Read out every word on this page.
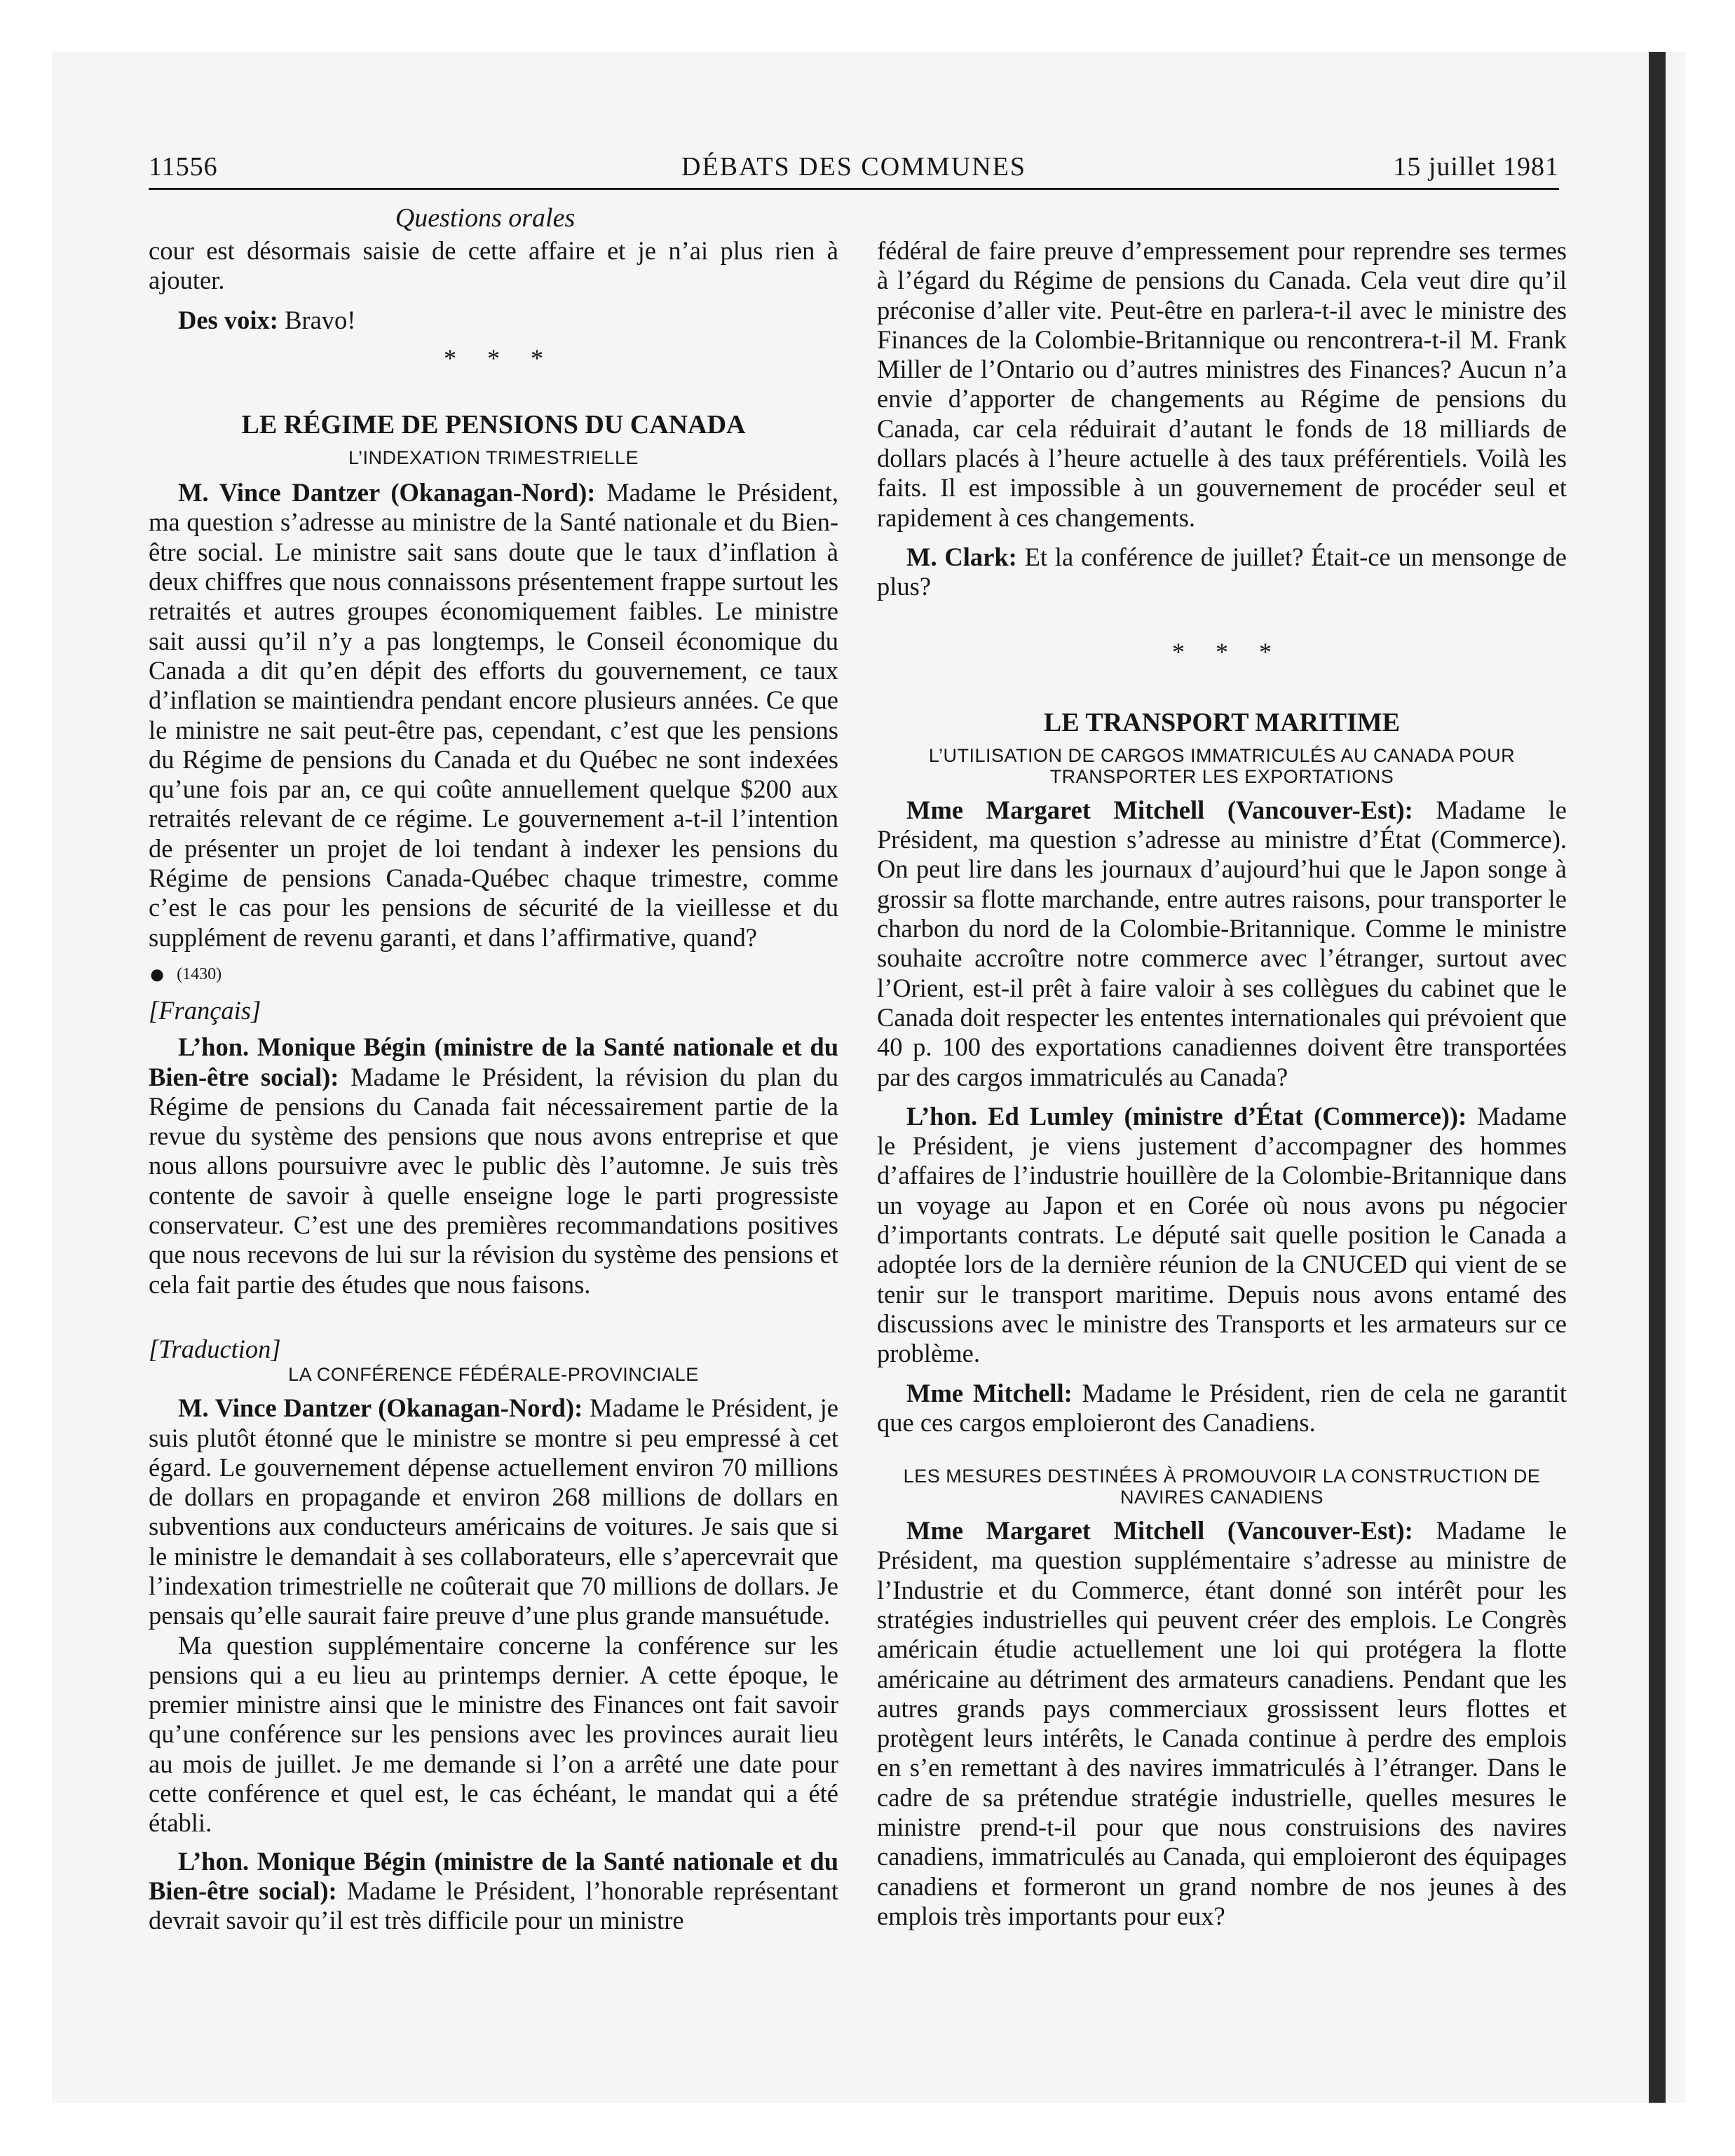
11556	DÉBATS DES COMMUNES	15 juillet 1981
Questions orales

cour est désormais saisie de cette affaire et je n’ai plus rien à ajouter.

Des voix: Bravo!

***

LE RÉGIME DE PENSIONS DU CANADA

L’INDEXATION TRIMESTRIELLE

M. Vince Dantzer (Okanagan-Nord): Madame le Président, ma question s’adresse au ministre de la Santé nationale et du Bien-être social. Le ministre sait sans doute que le taux d’inflation à deux chiffres que nous connaissons présentement frappe surtout les retraités et autres groupes économiquement faibles. Le ministre sait aussi qu’il n’y a pas longtemps, le Conseil économique du Canada a dit qu’en dépit des efforts du gouvernement, ce taux d’inflation se maintiendra pendant encore plusieurs années. Ce que le ministre ne sait peut-être pas, cependant, c’est que les pensions du Régime de pensions du Canada et du Québec ne sont indexées qu’une fois par an, ce qui coûte annuellement quelque $200 aux retraités relevant de ce régime. Le gouvernement a-t-il l’intention de présenter un projet de loi tendant à indexer les pensions du Régime de pensions Canada-Québec chaque trimestre, comme c’est le cas pour les pensions de sécurité de la vieillesse et du supplément de revenu garanti, et dans l’affirmative, quand?

● (1430)

[Français]

L’hon. Monique Bégin (ministre de la Santé nationale et du Bien-être social): Madame le Président, la révision du plan du Régime de pensions du Canada fait nécessairement partie de la revue du système des pensions que nous avons entreprise et que nous allons poursuivre avec le public dès l’automne. Je suis très contente de savoir à quelle enseigne loge le parti progressiste conservateur. C’est une des premières recommandations positives que nous recevons de lui sur la révision du système des pensions et cela fait partie des études que nous faisons.

[Traduction]

LA CONFÉRENCE FÉDÉRALE-PROVINCIALE

M. Vince Dantzer (Okanagan-Nord): Madame le Président, je suis plutôt étonné que le ministre se montre si peu empressé à cet égard. Le gouvernement dépense actuellement environ 70 millions de dollars en propagande et environ 268 millions de dollars en subventions aux conducteurs américains de voitures. Je sais que si le ministre le demandait à ses collaborateurs, elle s’apercevrait que l’indexation trimestrielle ne coûterait que 70 millions de dollars. Je pensais qu’elle saurait faire preuve d’une plus grande mansuétude.

Ma question supplémentaire concerne la conférence sur les pensions qui a eu lieu au printemps dernier. A cette époque, le premier ministre ainsi que le ministre des Finances ont fait savoir qu’une conférence sur les pensions avec les provinces aurait lieu au mois de juillet. Je me demande si l’on a arrêté une date pour cette conférence et quel est, le cas échéant, le mandat qui a été établi.

L’hon. Monique Bégin (ministre de la Santé nationale et du Bien-être social): Madame le Président, l’honorable représentant devrait savoir qu’il est très difficile pour un ministre

fédéral de faire preuve d’empressement pour reprendre ses termes à l’égard du Régime de pensions du Canada. Cela veut dire qu’il préconise d’aller vite. Peut-être en parlera-t-il avec le ministre des Finances de la Colombie-Britannique ou rencontrera-t-il M. Frank Miller de l’Ontario ou d’autres ministres des Finances? Aucun n’a envie d’apporter de changements au Régime de pensions du Canada, car cela réduirait d’autant le fonds de 18 milliards de dollars placés à l’heure actuelle à des taux préférentiels. Voilà les faits. Il est impossible à un gouvernement de procéder seul et rapidement à ces changements.

M. Clark: Et la conférence de juillet? Était-ce un mensonge de plus?

***

LE TRANSPORT MARITIME

L’UTILISATION DE CARGOS IMMATRICULÉS AU CANADA POUR TRANSPORTER LES EXPORTATIONS

Mme Margaret Mitchell (Vancouver-Est): Madame le Président, ma question s’adresse au ministre d’État (Commerce). On peut lire dans les journaux d’aujourd’hui que le Japon songe à grossir sa flotte marchande, entre autres raisons, pour transporter le charbon du nord de la Colombie-Britannique. Comme le ministre souhaite accroître notre commerce avec l’étranger, surtout avec l’Orient, est-il prêt à faire valoir à ses collègues du cabinet que le Canada doit respecter les ententes internationales qui prévoient que 40 p. 100 des exportations canadiennes doivent être transportées par des cargos immatriculés au Canada?

L’hon. Ed Lumley (ministre d’État (Commerce)): Madame le Président, je viens justement d’accompagner des hommes d’affaires de l’industrie houillère de la Colombie-Britannique dans un voyage au Japon et en Corée où nous avons pu négocier d’importants contrats. Le député sait quelle position le Canada a adoptée lors de la dernière réunion de la CNUCED qui vient de se tenir sur le transport maritime. Depuis nous avons entamé des discussions avec le ministre des Transports et les armateurs sur ce problème.

Mme Mitchell: Madame le Président, rien de cela ne garantit que ces cargos emploieront des Canadiens.

LES MESURES DESTINÉES À PROMOUVOIR LA CONSTRUCTION DE NAVIRES CANADIENS

Mme Margaret Mitchell (Vancouver-Est): Madame le Président, ma question supplémentaire s’adresse au ministre de l’Industrie et du Commerce, étant donné son intérêt pour les stratégies industrielles qui peuvent créer des emplois. Le Congrès américain étudie actuellement une loi qui protégera la flotte américaine au détriment des armateurs canadiens. Pendant que les autres grands pays commerciaux grossissent leurs flottes et protègent leurs intérêts, le Canada continue à perdre des emplois en s’en remettant à des navires immatriculés à l’étranger. Dans le cadre de sa prétendue stratégie industrielle, quelles mesures le ministre prend-t-il pour que nous construisions des navires canadiens, immatriculés au Canada, qui emploieront des équipages canadiens et formeront un grand nombre de nos jeunes à des emplois très importants pour eux?
